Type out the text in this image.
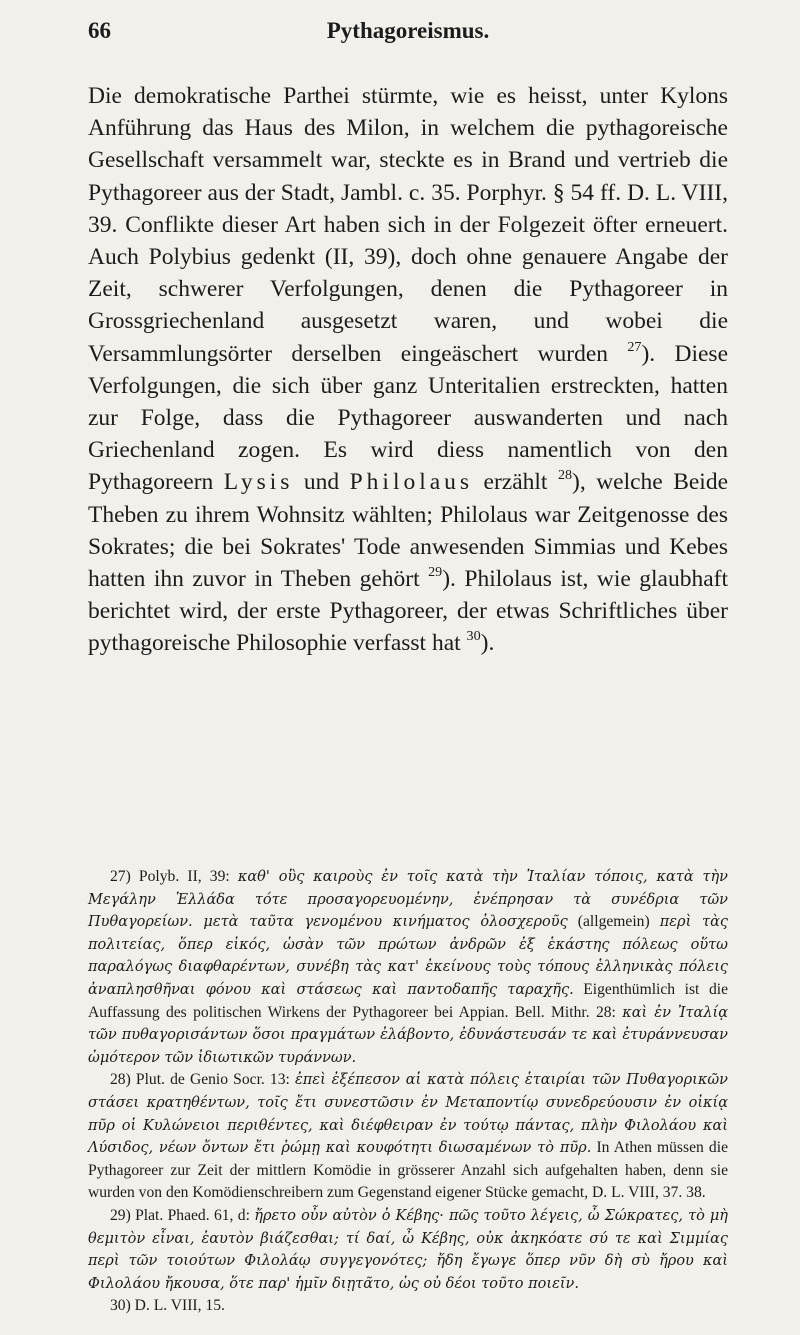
66	Pythagoreismus.

Die demokratische Parthei stürmte, wie es heisst, unter Kylons Anführung das Haus des Milon, in welchem die pythagoreische Gesellschaft versammelt war, steckte es in Brand und vertrieb die Pythagoreer aus der Stadt, Jambl. c. 35. Porphyr. § 54 ff. D. L. VIII, 39. Conflikte dieser Art haben sich in der Folgezeit öfter erneuert. Auch Polybius gedenkt (II, 39), doch ohne genauere Angabe der Zeit, schwerer Verfolgungen, denen die Pythagoreer in Grossgriechenland ausgesetzt waren, und wobei die Versammlungsörter derselben eingeäschert wurden $^{27}$). Diese Verfolgungen, die sich über ganz Unteritalien erstreckten, hatten zur Folge, dass die Pythagoreer auswanderten und nach Griechenland zogen. Es wird diess namentlich von den Pythagoreern Lysis und Philolaus erzählt $^{28}$), welche Beide Theben zu ihrem Wohnsitz wählten; Philolaus war Zeitgenosse des Sokrates; die bei Sokrates' Tode anwesenden Simmias und Kebes hatten ihn zuvor in Theben gehört $^{29}$). Philolaus ist, wie glaubhaft berichtet wird, der erste Pythagoreer, der etwas Schriftliches über pythagoreische Philosophie verfasst hat $^{30}$).

27) Polyb. II, 39: καθ' οὓς καιροὺς ἐν τοῖς κατὰ τὴν Ἰταλίαν τόποις, κατὰ τὴν Μεγάλην Ἑλλάδα τότε προσαγορευομένην, ἐνέπρησαν τὰ συνέδρια τῶν Πυθαγορείων. μετὰ ταῦτα γενομένου κινήματος ὁλοσχεροῦς (allgemein) περὶ τὰς πολιτείας, ὅπερ εἰκός, ὡσὰν τῶν πρώτων ἀνδρῶν ἐξ ἑκάστης πόλεως οὕτω παραλόγως διαφθαρέντων, συνέβη τὰς κατ' ἐκείνους τοὺς τόπους ἑλληνικὰς πόλεις ἀναπλησθῆναι φόνου καὶ στάσεως καὶ παντοδαπῆς ταραχῆς. Eigenthümlich ist die Auffassung des politischen Wirkens der Pythagoreer bei Appian. Bell. Mithr. 28: καὶ ἐν Ἰταλίᾳ τῶν πυθαγορισάντων ὅσοι πραγμάτων ἐλάβοντο, ἐδυνάστευσάν τε καὶ ἐτυράννευσαν ὠμότερον τῶν ἰδιωτικῶν τυράννων.

28) Plut. de Genio Socr. 13: ἐπεὶ ἐξέπεσον αἱ κατὰ πόλεις ἑταιρίαι τῶν Πυθαγορικῶν στάσει κρατηθέντων, τοῖς ἔτι συνεστῶσιν ἐν Μεταποντίῳ συνεδρεύουσιν ἐν οἰκίᾳ πῦρ οἱ Κυλώνειοι περιθέντες, καὶ διέφθειραν ἐν τούτῳ πάντας, πλὴν Φιλολάου καὶ Λύσιδος, νέων ὄντων ἔτι ῥώμῃ καὶ κουφότητι διωσαμένων τὸ πῦρ. In Athen müssen die Pythagoreer zur Zeit der mittlern Komödie in grösserer Anzahl sich aufgehalten haben, denn sie wurden von den Komödienschreibern zum Gegenstand eigener Stücke gemacht, D. L. VIII, 37. 38.

29) Plat. Phaed. 61, d: ἤρετο οὖν αὐτὸν ὁ Κέβης· πῶς τοῦτο λέγεις, ὦ Σώκρατες, τὸ μὴ θεμιτὸν εἶναι, ἑαυτὸν βιάζεσθαι; τί δαί, ὦ Κέβης, οὐκ ἀκηκόατε σύ τε καὶ Σιμμίας περὶ τῶν τοιούτων Φιλολάῳ συγγεγονότες; ἤδη ἔγωγε ὅπερ νῦν δὴ σὺ ἤρου καὶ Φιλολάου ἤκουσα, ὅτε παρ' ἡμῖν διῃτᾶτο, ὡς οὐ δέοι τοῦτο ποιεῖν.

30) D. L. VIII, 15.
